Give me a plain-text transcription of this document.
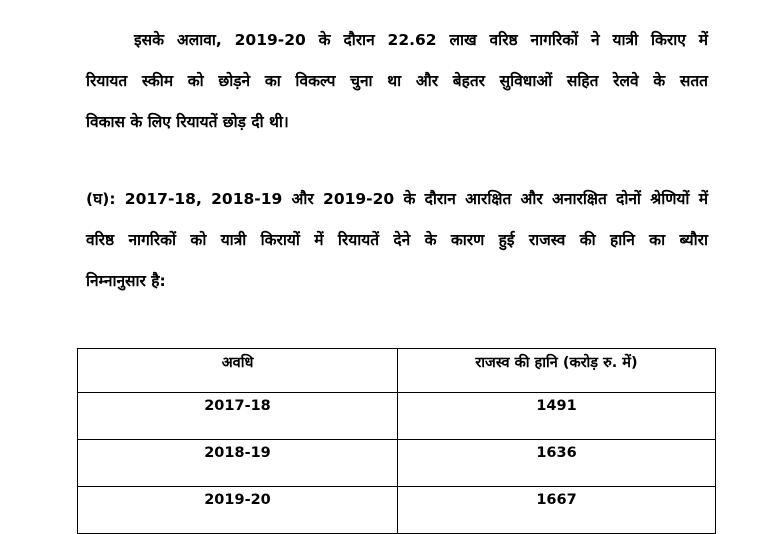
इसके अलावा, 2019-20 के दौरान 22.62 लाख वरिष्ठ नागरिकों ने यात्री किराए में
रियायत स्कीम को छोड़ने का विकल्प चुना था और बेहतर सुविधाओं सहित रेलवे के सतत
विकास के लिए रियायतें छोड़ दी थी।

(घ): 2017-18, 2018-19 और 2019-20 के दौरान आरक्षित और अनारक्षित दोनों श्रेणियों में
वरिष्ठ नागरिकों को यात्री किरायों में रियायतें देने के कारण हुई राजस्व की हानि का ब्यौरा
निम्नानुसार है:

अवधि	राजस्व की हानि (करोड़ रु. में)
2017-18	1491
2018-19	1636
2019-20	1667
